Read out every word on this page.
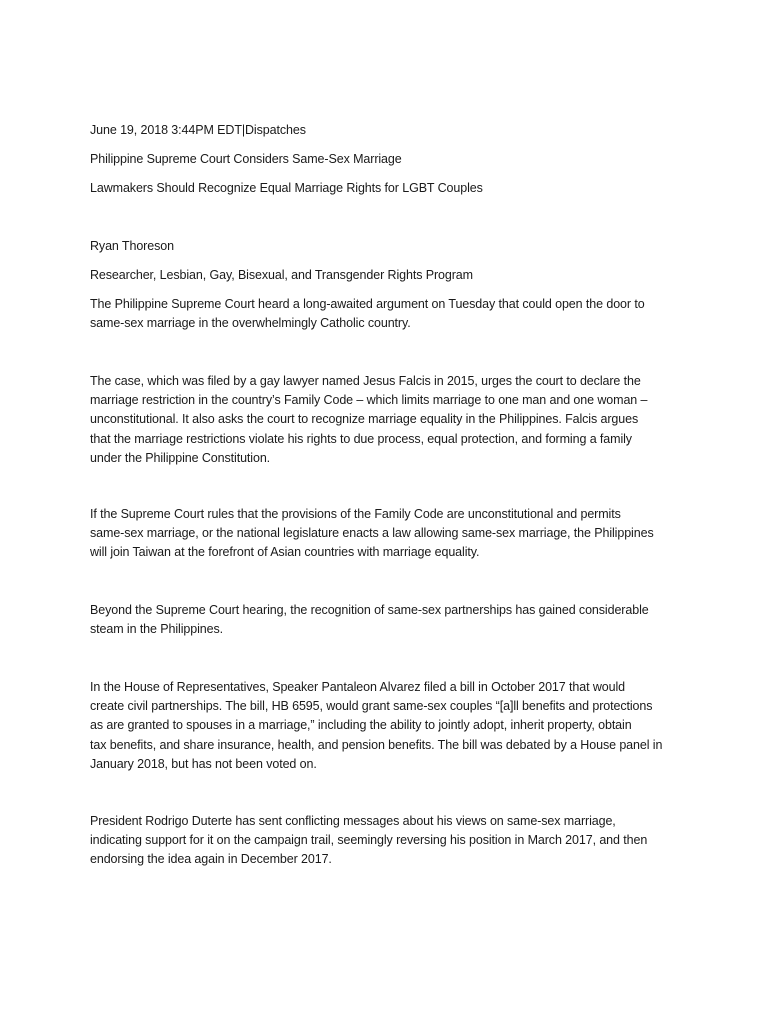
June 19, 2018 3:44PM EDT|Dispatches
Philippine Supreme Court Considers Same-Sex Marriage
Lawmakers Should Recognize Equal Marriage Rights for LGBT Couples
Ryan Thoreson
Researcher, Lesbian, Gay, Bisexual, and Transgender Rights Program
The Philippine Supreme Court heard a long-awaited argument on Tuesday that could open the door to
same-sex marriage in the overwhelmingly Catholic country.
The case, which was filed by a gay lawyer named Jesus Falcis in 2015, urges the court to declare the
marriage restriction in the country’s Family Code – which limits marriage to one man and one woman –
unconstitutional. It also asks the court to recognize marriage equality in the Philippines. Falcis argues
that the marriage restrictions violate his rights to due process, equal protection, and forming a family
under the Philippine Constitution.
If the Supreme Court rules that the provisions of the Family Code are unconstitutional and permits
same-sex marriage, or the national legislature enacts a law allowing same-sex marriage, the Philippines
will join Taiwan at the forefront of Asian countries with marriage equality.
Beyond the Supreme Court hearing, the recognition of same-sex partnerships has gained considerable
steam in the Philippines.
In the House of Representatives, Speaker Pantaleon Alvarez filed a bill in October 2017 that would
create civil partnerships. The bill, HB 6595, would grant same-sex couples “[a]ll benefits and protections
as are granted to spouses in a marriage,” including the ability to jointly adopt, inherit property, obtain
tax benefits, and share insurance, health, and pension benefits. The bill was debated by a House panel in
January 2018, but has not been voted on.
President Rodrigo Duterte has sent conflicting messages about his views on same-sex marriage,
indicating support for it on the campaign trail, seemingly reversing his position in March 2017, and then
endorsing the idea again in December 2017.
